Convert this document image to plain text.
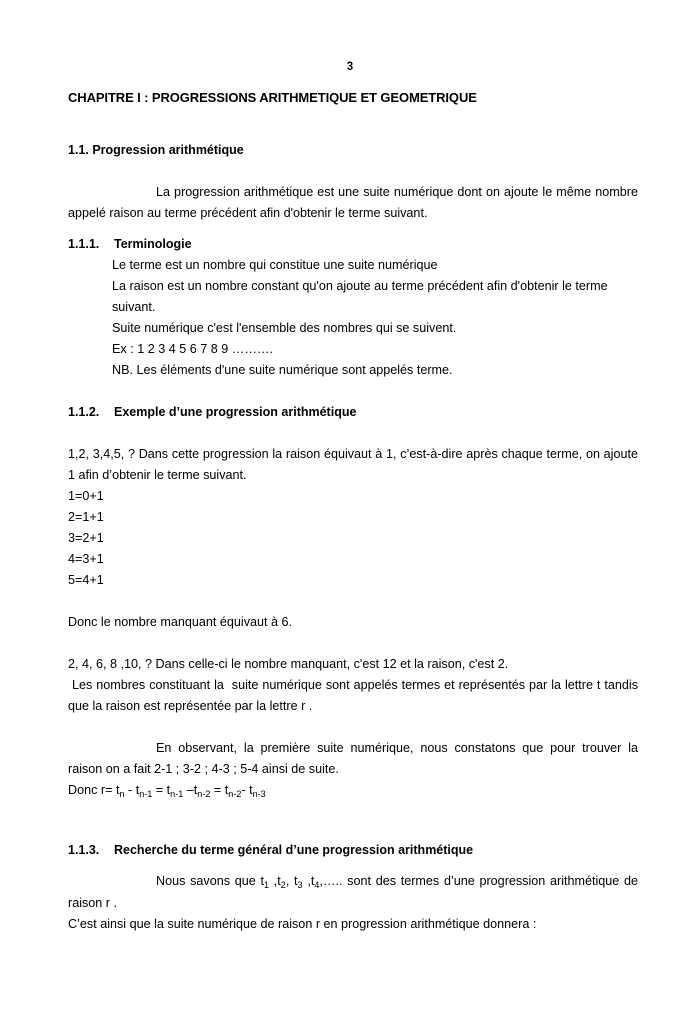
3
CHAPITRE I : PROGRESSIONS ARITHMETIQUE ET GEOMETRIQUE
1.1. Progression arithmétique
La progression arithmétique est une suite numérique dont on ajoute le même nombre appelé raison au terme précédent afin d'obtenir le terme suivant.
1.1.1. Terminologie
Le terme est un nombre qui constitue une suite numérique
La raison est un nombre constant qu'on ajoute au terme précédent afin d'obtenir le terme suivant.
Suite numérique c'est l'ensemble des nombres qui se suivent.
Ex : 1 2 3 4 5 6 7 8 9 ……….
NB. Les éléments d'une suite numérique sont appelés terme.
1.1.2. Exemple d’une progression arithmétique
1,2, 3,4,5, ? Dans cette progression la raison équivaut à 1, c’est-à-dire après chaque terme, on ajoute 1 afin d’obtenir le terme suivant.
1=0+1
2=1+1
3=2+1
4=3+1
5=4+1
Donc le nombre manquant équivaut à 6.
2, 4, 6, 8 ,10, ? Dans celle-ci le nombre manquant, c'est 12 et la raison, c'est 2.
Les nombres constituant la  suite numérique sont appelés termes et représentés par la lettre t tandis que la raison est représentée par la lettre r .
En observant, la première suite numérique, nous constatons que pour trouver la raison on a fait 2-1 ; 3-2 ; 4-3 ; 5-4 ainsi de suite.
Donc $r= t_n - t_{n-1} = t_{n-1}$ $-t_{n-2} = t_{n-2}-$ $t_{n-3}$
1.1.3. Recherche du terme général d’une progression arithmétique
Nous savons que $t_1$ $,t_2$, $t_3$ $,t_4,\dots$.. sont des termes d’une progression arithmétique de raison r .
C’est ainsi que la suite numérique de raison r en progression arithmétique donnera :
